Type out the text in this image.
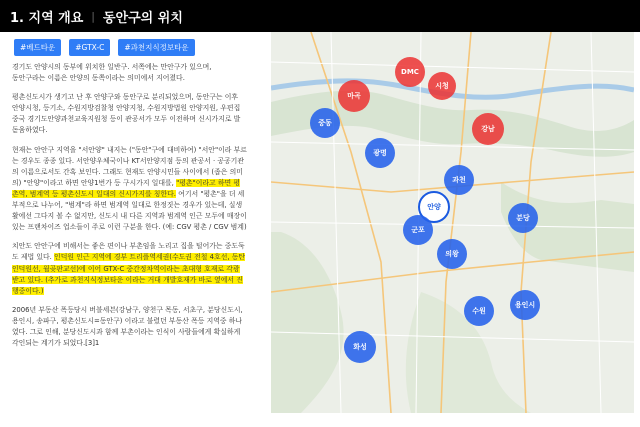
1. 지역 개요 | 동안구의 위치
#베드타운	#GTX-C	#과천지식정보타운

경기도 안양시의 동부에 위치한 일반구. 서쪽에는 만안구가 있으며,
동안구라는 이름은 안양의 동쪽이라는 의미에서 지어졌다.

평촌신도시가 생기고 난 후 안양구와 동안구로 분리되었으며, 동안구는 이후
안양시청, 등기소, 수원지방검찰청 안양지청, 수원지방법원 안양지원, 우편집
중국 경기도안양과천교육지원청 등이 관공서가 모두 이전하며 신시가지로 발
돋움하였다.

현재는 안안구 지역을 "서안양" 내지는 ("동안"구에 대비하여) "서안"이라 부르
는 경우도 종종 있다. 서안양우체국이나 KT서안양지점 등의 관공서 · 공공기관
의 이름으로서도 간혹 보인다. 그래도 현재도 안양시민들 사이에서 (좁은 의미
의) "안양"이라고 하면 안양1번가 등 구시가지 일대를, "평촌"이라고 하면 평
촌역, 범계역 등 평촌신도시 일대의 신시가지를 칭한다. 여기서 "평촌"을 더 세
부적으로 나누어, "범계"라 하면 범계역 일대로 한정짓는 경우가 있는데, 실생
활에선 그다지 볼 수 없지만, 신도시 내 다른 지역과 범계역 인근 모두에 매장이
있는 프랜차이즈 업소들이 주로 이런 구분을 한다. (예: CGV 평촌 / CGV 범계)

치안도 안안구에 비해서는 좋은 편이나 부촌임을 노리고 집을 털어가는 중도둑
도 제법 있다. 인덕원 인근 지역에 경부 트리플역세권(수도권 전철 4호선, 동탄
인덕원선, 월곶판교선)에 이어 GTX-C 중간정차역이라는 초대형 호재로 각광
받고 있다. (추가로 과천지식정보타운 이라는 거대 개발호재가 바로 옆에서 진
행중이다.)

2006년 부동산 폭등당시 버블세븐(강남구, 양천구 목동, 서초구, 분당신도시,
용인시, 송파구, 평촌신도시=동안구) 이라고 불렸던 부동산 폭등 지역중 하나
였다. 그로 인해, 분당신도시과 함께 부촌이라는 인식이 사람들에게 확실하게
각인되는 계기가 되었다.[3]1

DMC
시청
마곡
강남
중동
광명
과천
안양
군포
분당
의왕
용인시
수원
화성
